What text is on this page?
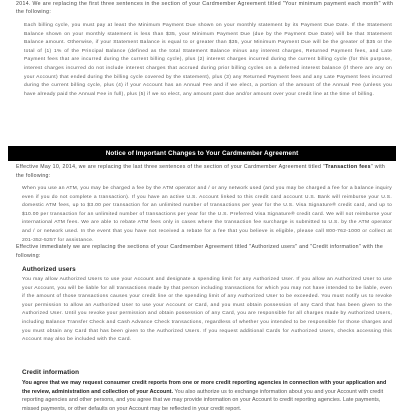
2014. We are replacing the first three sentences in the section of your Cardmember Agreement titled "Your minimum payment each month" with the following:

Each billing cycle, you must pay at least the Minimum Payment Due shown on your monthly statement by its Payment Due Date. If the Statement Balance shown on your monthly statement is less than $35, your Minimum Payment Due (due by the Payment Due Date) will be that Statement Balance amount. Otherwise, if your Statement Balance is equal to or greater than $35, your Minimum Payment Due will be the greater of $35 or the total of (1) 1% of the Principal Balance (defined as the total Statement Balance minus any interest charges, Returned Payment fees, and Late Payment fees that are incurred during the current billing cycle), plus (2) interest charges incurred during the current billing cycle (for this purpose, interest charges incurred do not include interest charges that accrued during prior billing cycles on a deferred interest balance (if there are any on your Account) that ended during the billing cycle covered by the statement), plus (3) any Returned Payment fees and any Late Payment fees incurred during the current billing cycle, plus (4) if your Account has an Annual Fee and if we elect, a portion of the amount of the Annual Fee (unless you have already paid the Annual Fee in full), plus (5) if we so elect, any amount past due and/or amount over your credit line at the time of billing.

Notice of Important Changes to Your Cardmember Agreement

Effective May 10, 2014, we are replacing the last three sentences of the section of your Cardmember Agreement titled "Transaction fees" with the following:

When you use an ATM, you may be charged a fee by the ATM operator and / or any network used (and you may be charged a fee for a balance inquiry even if you do not complete a transaction). If you have an active U.S. Account linked to this credit card account U.S. Bank will reimburse your U.S. domestic ATM fees, up to $3.00 per transaction for an unlimited number of transactions per year for the U.S. Visa Signature® credit card, and up to $10.00 per transaction for an unlimited number of transactions per year for the U.S. Preferred Visa Signature® credit card. We will not reimburse your international ATM fees. We are able to rebate ATM fees only in cases where the transaction fee surcharge is submitted to U.S. by the ATM operator and / or network used. In the event that you have not received a rebate for a fee that you believe is eligible, please call 800-762-1000 or collect at 201-352-5257 for assistance.

Effective immediately we are replacing the sections of your Cardmember Agreement titled "Authorized users" and "Credit information" with the following:

Authorized users

You may allow Authorized Users to use your Account and designate a spending limit for any Authorized User. If you allow an Authorized User to use your Account, you will be liable for all transactions made by that person including transactions for which you may not have intended to be liable, even if the amount of those transactions causes your credit line or the spending limit of any Authorized User to be exceeded. You must notify us to revoke your permission to allow an Authorized User to use your Account or Card, and you must obtain possession of any Card that has been given to the Authorized User. Until you revoke your permission and obtain possession of any Card, you are responsible for all charges made by Authorized Users, including Balance Transfer Check and Cash Advance Check transactions, regardless of whether you intended to be responsible for those charges and you must obtain any Card that has been given to the Authorized Users. If you request additional Cards for Authorized Users, checks accessing this Account may also be included with the Card.

Credit information

You agree that we may request consumer credit reports from one or more credit reporting agencies in connection with your application and the review, administration and collection of your Account. You also authorize us to exchange information about you and your Account with credit reporting agencies and other persons, and you agree that we may provide information on your Account to credit reporting agencies. Late payments, missed payments, or other defaults on your Account may be reflected in your credit report.
